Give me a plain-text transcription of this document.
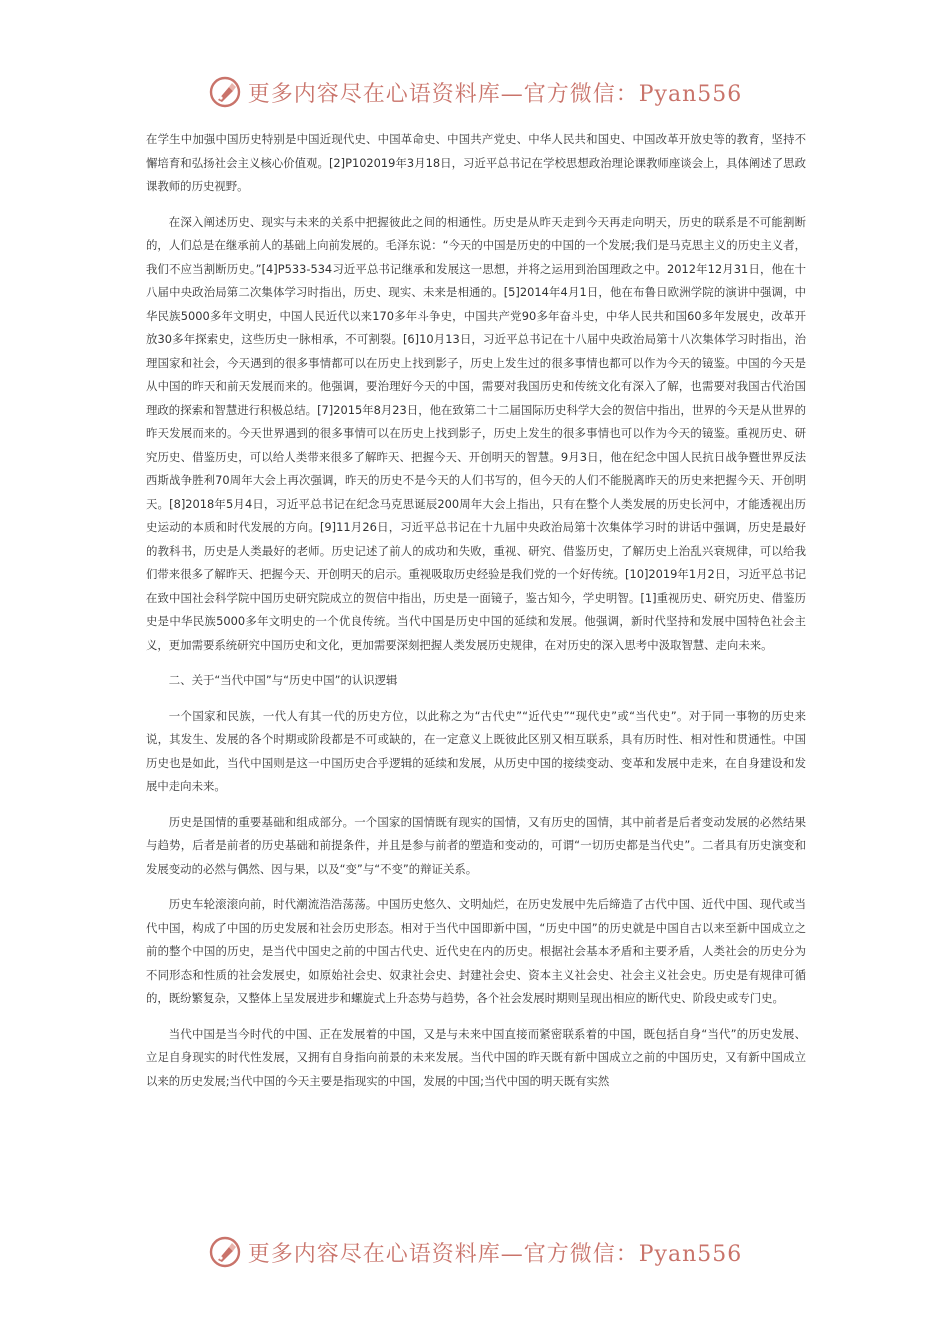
更多内容尽在心语资料库—官方微信：Pyan556

在学生中加强中国历史特别是中国近现代史、中国革命史、中国共产党史、中华人民共和国史、中国改革开放史等的教育，坚持不懈培育和弘扬社会主义核心价值观。[2]P102019年3月18日，习近平总书记在学校思想政治理论课教师座谈会上，具体阐述了思政课教师的历史视野。

在深入阐述历史、现实与未来的关系中把握彼此之间的相通性。历史是从昨天走到今天再走向明天，历史的联系是不可能割断的，人们总是在继承前人的基础上向前发展的。毛泽东说：“今天的中国是历史的中国的一个发展;我们是马克思主义的历史主义者，我们不应当割断历史。”[4]P533-534习近平总书记继承和发展这一思想，并将之运用到治国理政之中。2012年12月31日，他在十八届中央政治局第二次集体学习时指出，历史、现实、未来是相通的。[5]2014年4月1日，他在布鲁日欧洲学院的演讲中强调，中华民族5000多年文明史，中国人民近代以来170多年斗争史，中国共产党90多年奋斗史，中华人民共和国60多年发展史，改革开放30多年探索史，这些历史一脉相承，不可割裂。[6]10月13日，习近平总书记在十八届中央政治局第十八次集体学习时指出，治理国家和社会，今天遇到的很多事情都可以在历史上找到影子，历史上发生过的很多事情也都可以作为今天的镜鉴。中国的今天是从中国的昨天和前天发展而来的。他强调，要治理好今天的中国，需要对我国历史和传统文化有深入了解，也需要对我国古代治国理政的探索和智慧进行积极总结。[7]2015年8月23日，他在致第二十二届国际历史科学大会的贺信中指出，世界的今天是从世界的昨天发展而来的。今天世界遇到的很多事情可以在历史上找到影子，历史上发生的很多事情也可以作为今天的镜鉴。重视历史、研究历史、借鉴历史，可以给人类带来很多了解昨天、把握今天、开创明天的智慧。9月3日，他在纪念中国人民抗日战争暨世界反法西斯战争胜利70周年大会上再次强调，昨天的历史不是今天的人们书写的，但今天的人们不能脱离昨天的历史来把握今天、开创明天。[8]2018年5月4日，习近平总书记在纪念马克思诞辰200周年大会上指出，只有在整个人类发展的历史长河中，才能透视出历史运动的本质和时代发展的方向。[9]11月26日，习近平总书记在十九届中央政治局第十次集体学习时的讲话中强调，历史是最好的教科书，历史是人类最好的老师。历史记述了前人的成功和失败，重视、研究、借鉴历史，了解历史上治乱兴衰规律，可以给我们带来很多了解昨天、把握今天、开创明天的启示。重视吸取历史经验是我们党的一个好传统。[10]2019年1月2日，习近平总书记在致中国社会科学院中国历史研究院成立的贺信中指出，历史是一面镜子，鉴古知今，学史明智。[1]重视历史、研究历史、借鉴历史是中华民族5000多年文明史的一个优良传统。当代中国是历史中国的延续和发展。他强调，新时代坚持和发展中国特色社会主义，更加需要系统研究中国历史和文化，更加需要深刻把握人类发展历史规律，在对历史的深入思考中汲取智慧、走向未来。

二、关于“当代中国”与“历史中国”的认识逻辑

一个国家和民族，一代人有其一代的历史方位，以此称之为“古代史”“近代史”“现代史”或“当代史”。对于同一事物的历史来说，其发生、发展的各个时期或阶段都是不可或缺的，在一定意义上既彼此区别又相互联系，具有历时性、相对性和贯通性。中国历史也是如此，当代中国则是这一中国历史合乎逻辑的延续和发展，从历史中国的接续变动、变革和发展中走来，在自身建设和发展中走向未来。

历史是国情的重要基础和组成部分。一个国家的国情既有现实的国情，又有历史的国情，其中前者是后者变动发展的必然结果与趋势，后者是前者的历史基础和前提条件，并且是参与前者的塑造和变动的，可谓“一切历史都是当代史”。二者具有历史演变和发展变动的必然与偶然、因与果，以及“变”与“不变”的辩证关系。

历史车轮滚滚向前，时代潮流浩浩荡荡。中国历史悠久、文明灿烂，在历史发展中先后缔造了古代中国、近代中国、现代或当代中国，构成了中国的历史发展和社会历史形态。相对于当代中国即新中国，“历史中国”的历史就是中国自古以来至新中国成立之前的整个中国的历史，是当代中国史之前的中国古代史、近代史在内的历史。根据社会基本矛盾和主要矛盾，人类社会的历史分为不同形态和性质的社会发展史，如原始社会史、奴隶社会史、封建社会史、资本主义社会史、社会主义社会史。历史是有规律可循的，既纷繁复杂，又整体上呈发展进步和螺旋式上升态势与趋势，各个社会发展时期则呈现出相应的断代史、阶段史或专门史。

当代中国是当今时代的中国、正在发展着的中国，又是与未来中国直接而紧密联系着的中国，既包括自身“当代”的历史发展、立足自身现实的时代性发展，又拥有自身指向前景的未来发展。当代中国的昨天既有新中国成立之前的中国历史，又有新中国成立以来的历史发展;当代中国的今天主要是指现实的中国，发展的中国;当代中国的明天既有实然

更多内容尽在心语资料库—官方微信：Pyan556
